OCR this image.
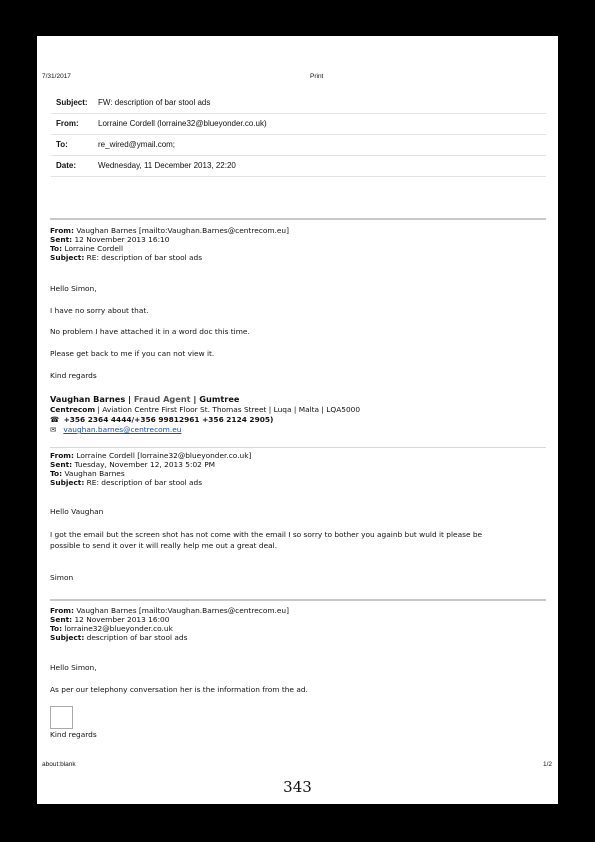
7/31/2017	Print
Subject: FW: description of bar stool ads
From: Lorraine Cordell (lorraine32@blueyonder.co.uk)
To:	re_wired@ymail.com;
Date:	Wednesday, 11 December 2013, 22:20
From: Vaughan Barnes [mailto:Vaughan.Barnes@centrecom.eu]
Sent: 12 November 2013 16:10
To: Lorraine Cordell
Subject: RE: description of bar stool ads
Hello Simon,
I have no sorry about that.
No problem I have attached it in a word doc this time.
Please get back to me if you can not view it.
Kind regards
Vaughan Barnes | Fraud Agent | Gumtree
Centrecom | Aviation Centre First Floor St. Thomas Street | Luqa | Malta | LQA5000
☎ +356 2364 4444/+356 99812961 +356 2124 2905)
✉ vaughan.barnes@centrecom.eu
From: Lorraine Cordell [lorraine32@blueyonder.co.uk]
Sent: Tuesday, November 12, 2013 5:02 PM
To: Vaughan Barnes
Subject: RE: description of bar stool ads
Hello Vaughan
I got the email but the screen shot has not come with the email I so sorry to bother you againb but wuld it please be
possible to send it over it will really help me out a great deal.
Simon
From: Vaughan Barnes [mailto:Vaughan.Barnes@centrecom.eu]
Sent: 12 November 2013 16:00
To: lorraine32@blueyonder.co.uk
Subject: description of bar stool ads
Hello Simon,
As per our telephony conversation her is the information from the ad.
Kind regards
about:blank	1/2
343
